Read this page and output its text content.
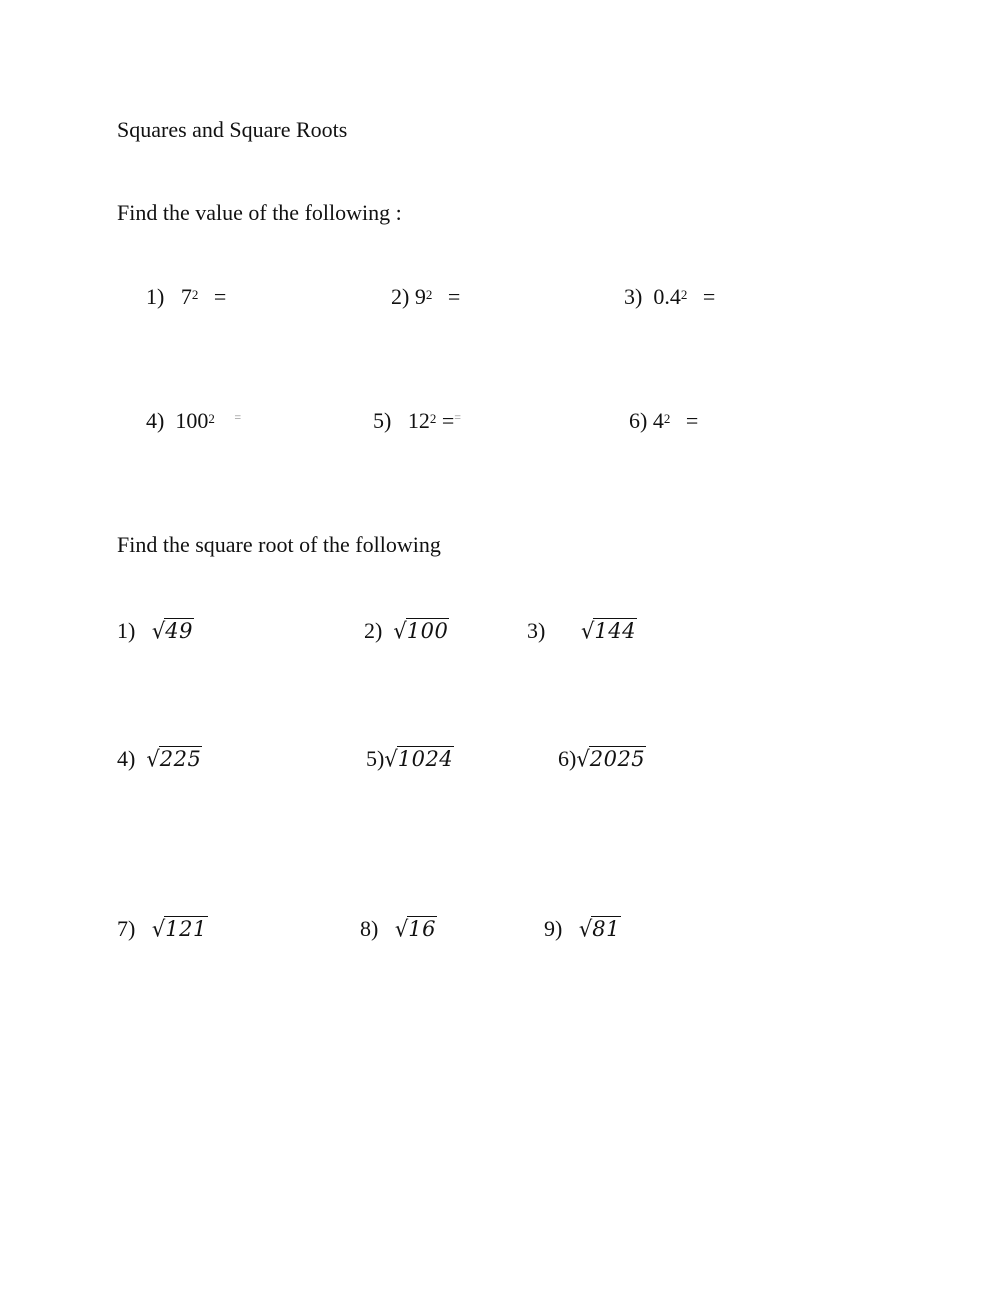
Squares and Square Roots
Find the value of the following :
1) $7^2$ =	2) $9^2$ =	3) $0.4^2$ =
4) $100^2$ =	5) $12^2 =^=$	6) $4^2$ =
Find the square root of the following
1) √49	2) √100	3) √144
4) √225	5)√1024	6)√2025
7) √121	8) √16	9) √81
